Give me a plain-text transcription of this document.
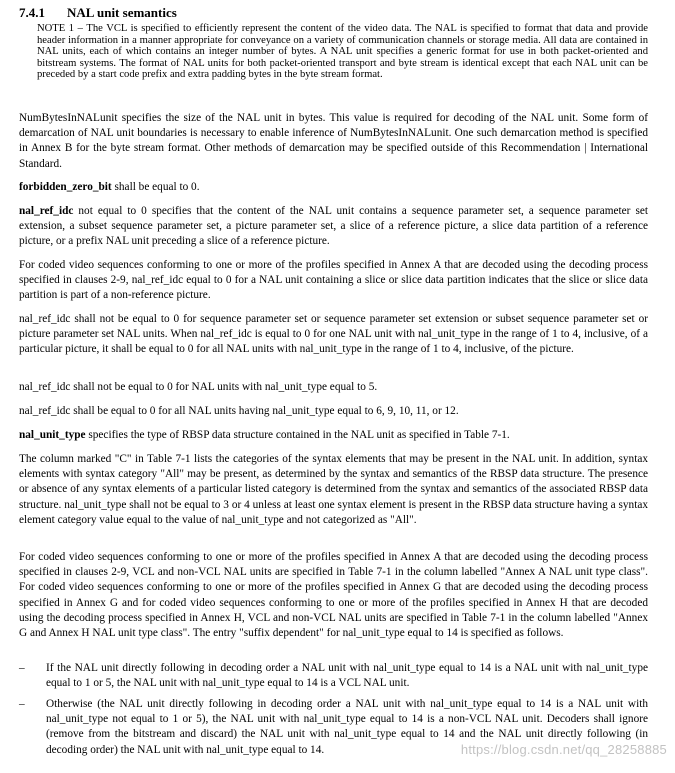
7.4.1 NAL unit semantics

NOTE 1 – The VCL is specified to efficiently represent the content of the video data. The NAL is specified to format that data and provide header information in a manner appropriate for conveyance on a variety of communication channels or storage media. All data are contained in NAL units, each of which contains an integer number of bytes. A NAL unit specifies a generic format for use in both packet-oriented and bitstream systems. The format of NAL units for both packet-oriented transport and byte stream is identical except that each NAL unit can be preceded by a start code prefix and extra padding bytes in the byte stream format.

NumBytesInNALunit specifies the size of the NAL unit in bytes. This value is required for decoding of the NAL unit. Some form of demarcation of NAL unit boundaries is necessary to enable inference of NumBytesInNALunit. One such demarcation method is specified in Annex B for the byte stream format. Other methods of demarcation may be specified outside of this Recommendation | International Standard.

forbidden_zero_bit shall be equal to 0.

nal_ref_idc not equal to 0 specifies that the content of the NAL unit contains a sequence parameter set, a sequence parameter set extension, a subset sequence parameter set, a picture parameter set, a slice of a reference picture, a slice data partition of a reference picture, or a prefix NAL unit preceding a slice of a reference picture.

For coded video sequences conforming to one or more of the profiles specified in Annex A that are decoded using the decoding process specified in clauses 2-9, nal_ref_idc equal to 0 for a NAL unit containing a slice or slice data partition indicates that the slice or slice data partition is part of a non-reference picture.

nal_ref_idc shall not be equal to 0 for sequence parameter set or sequence parameter set extension or subset sequence parameter set or picture parameter set NAL units. When nal_ref_idc is equal to 0 for one NAL unit with nal_unit_type in the range of 1 to 4, inclusive, of a particular picture, it shall be equal to 0 for all NAL units with nal_unit_type in the range of 1 to 4, inclusive, of the picture.

nal_ref_idc shall not be equal to 0 for NAL units with nal_unit_type equal to 5.

nal_ref_idc shall be equal to 0 for all NAL units having nal_unit_type equal to 6, 9, 10, 11, or 12.

nal_unit_type specifies the type of RBSP data structure contained in the NAL unit as specified in Table 7-1.

The column marked "C" in Table 7-1 lists the categories of the syntax elements that may be present in the NAL unit. In addition, syntax elements with syntax category "All" may be present, as determined by the syntax and semantics of the RBSP data structure. The presence or absence of any syntax elements of a particular listed category is determined from the syntax and semantics of the associated RBSP data structure. nal_unit_type shall not be equal to 3 or 4 unless at least one syntax element is present in the RBSP data structure having a syntax element category value equal to the value of nal_unit_type and not categorized as "All".

For coded video sequences conforming to one or more of the profiles specified in Annex A that are decoded using the decoding process specified in clauses 2-9, VCL and non-VCL NAL units are specified in Table 7-1 in the column labelled "Annex A NAL unit type class". For coded video sequences conforming to one or more of the profiles specified in Annex G that are decoded using the decoding process specified in Annex G and for coded video sequences conforming to one or more of the profiles specified in Annex H that are decoded using the decoding process specified in Annex H, VCL and non-VCL NAL units are specified in Table 7-1 in the column labelled "Annex G and Annex H NAL unit type class". The entry "suffix dependent" for nal_unit_type equal to 14 is specified as follows.

–	If the NAL unit directly following in decoding order a NAL unit with nal_unit_type equal to 14 is a NAL unit with nal_unit_type equal to 1 or 5, the NAL unit with nal_unit_type equal to 14 is a VCL NAL unit.
–	Otherwise (the NAL unit directly following in decoding order a NAL unit with nal_unit_type equal to 14 is a NAL unit with nal_unit_type not equal to 1 or 5), the NAL unit with nal_unit_type equal to 14 is a non-VCL NAL unit. Decoders shall ignore (remove from the bitstream and discard) the NAL unit with nal_unit_type equal to 14 and the NAL unit directly following (in decoding order) the NAL unit with nal_unit_type equal to 14.	https://blog.csdn.net/qq_28258885
